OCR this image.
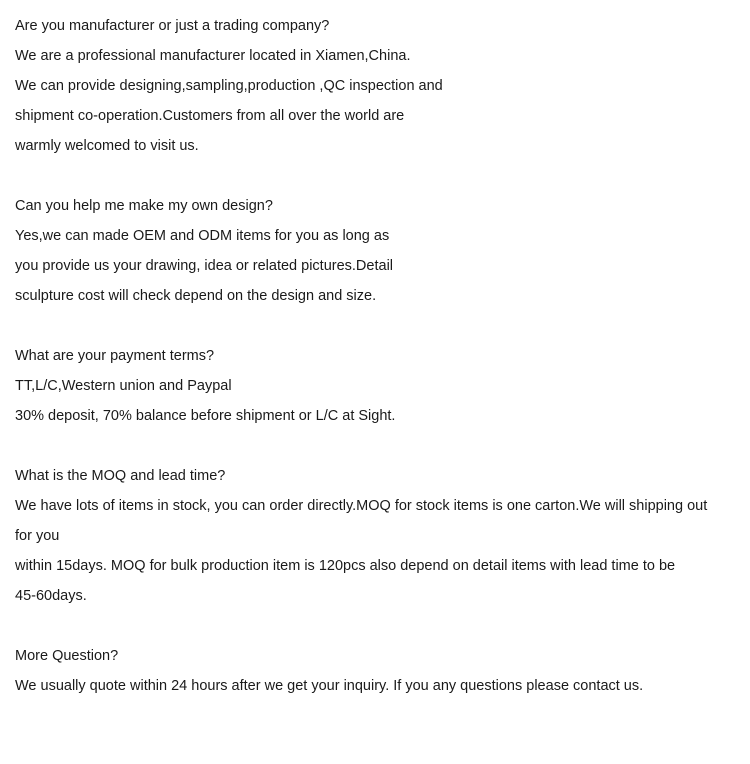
Are you manufacturer or just a trading company?

We are a professional manufacturer located in Xiamen,China.

We can provide designing,sampling,production ,QC inspection and

shipment co-operation.Customers from all over the world are

warmly welcomed to visit us.

Can you help me make my own design?

Yes,we can made OEM and ODM items for you as long as

you provide us your drawing, idea or related pictures.Detail

sculpture cost will check depend on the design and size.

What are your payment terms?

TT,L/C,Western union and Paypal

30% deposit, 70% balance before shipment or L/C at Sight.

What is the MOQ and lead time?

We have lots of items in stock, you can order directly.MOQ for stock items is one carton.We will shipping out

for you

within 15days. MOQ for bulk production item is 120pcs also depend on detail items with lead time to be

45-60days.

More Question?

We usually quote within 24 hours after we get your inquiry. If you any questions please contact us.
